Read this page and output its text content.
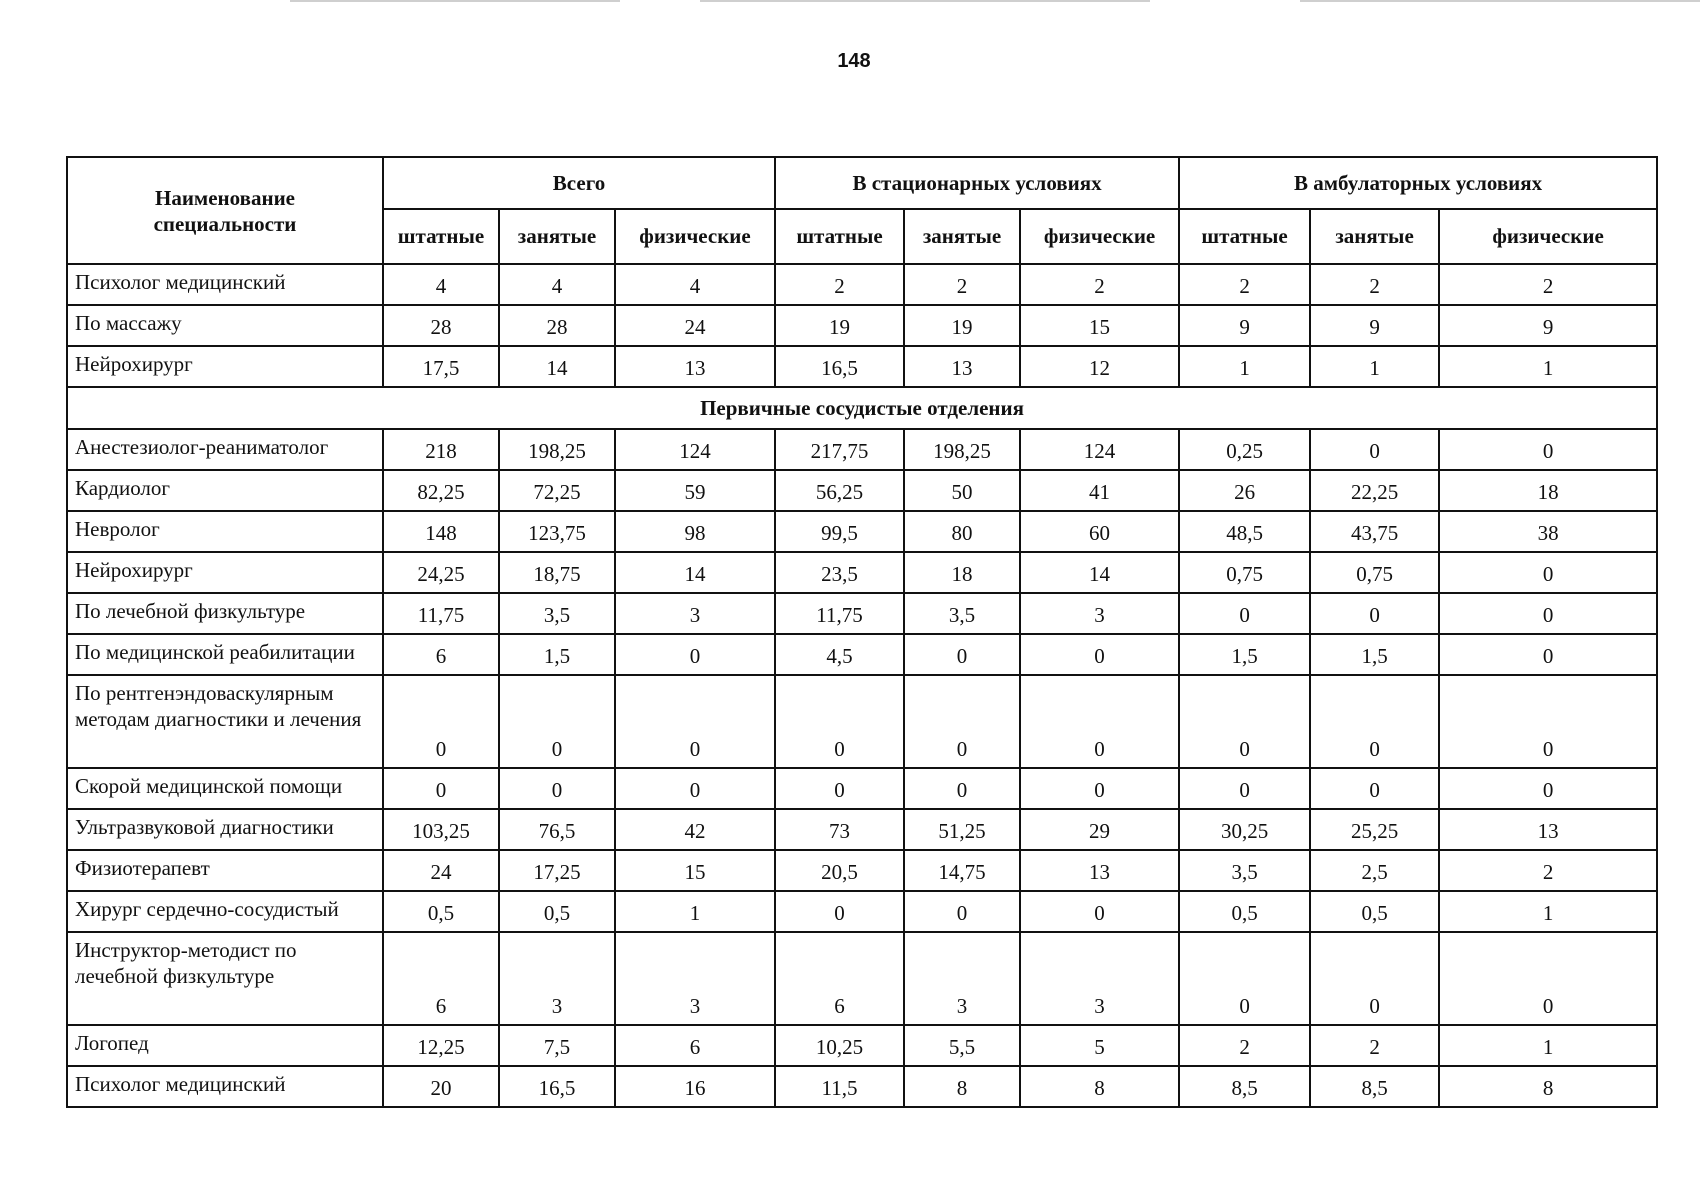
148
Наименование специальности	Всего			В стационарных условиях			В амбулаторных условиях		
	штатные	занятые	физические	штатные	занятые	физические	штатные	занятые	физические
Психолог медицинский	4	4	4	2	2	2	2	2	2
По массажу	28	28	24	19	19	15	9	9	9
Нейрохирург	17,5	14	13	16,5	13	12	1	1	1
Первичные сосудистые отделения									
Анестезиолог-реаниматолог	218	198,25	124	217,75	198,25	124	0,25	0	0
Кардиолог	82,25	72,25	59	56,25	50	41	26	22,25	18
Невролог	148	123,75	98	99,5	80	60	48,5	43,75	38
Нейрохирург	24,25	18,75	14	23,5	18	14	0,75	0,75	0
По лечебной физкультуре	11,75	3,5	3	11,75	3,5	3	0	0	0
По медицинской реабилитации	6	1,5	0	4,5	0	0	1,5	1,5	0
По рентгенэндоваскулярным методам диагностики и лечения	0	0	0	0	0	0	0	0	0
Скорой медицинской помощи	0	0	0	0	0	0	0	0	0
Ультразвуковой диагностики	103,25	76,5	42	73	51,25	29	30,25	25,25	13
Физиотерапевт	24	17,25	15	20,5	14,75	13	3,5	2,5	2
Хирург сердечно-сосудистый	0,5	0,5	1	0	0	0	0,5	0,5	1
Инструктор-методист по лечебной физкультуре	6	3	3	6	3	3	0	0	0
Логопед	12,25	7,5	6	10,25	5,5	5	2	2	1
Психолог медицинский	20	16,5	16	11,5	8	8	8,5	8,5	8
